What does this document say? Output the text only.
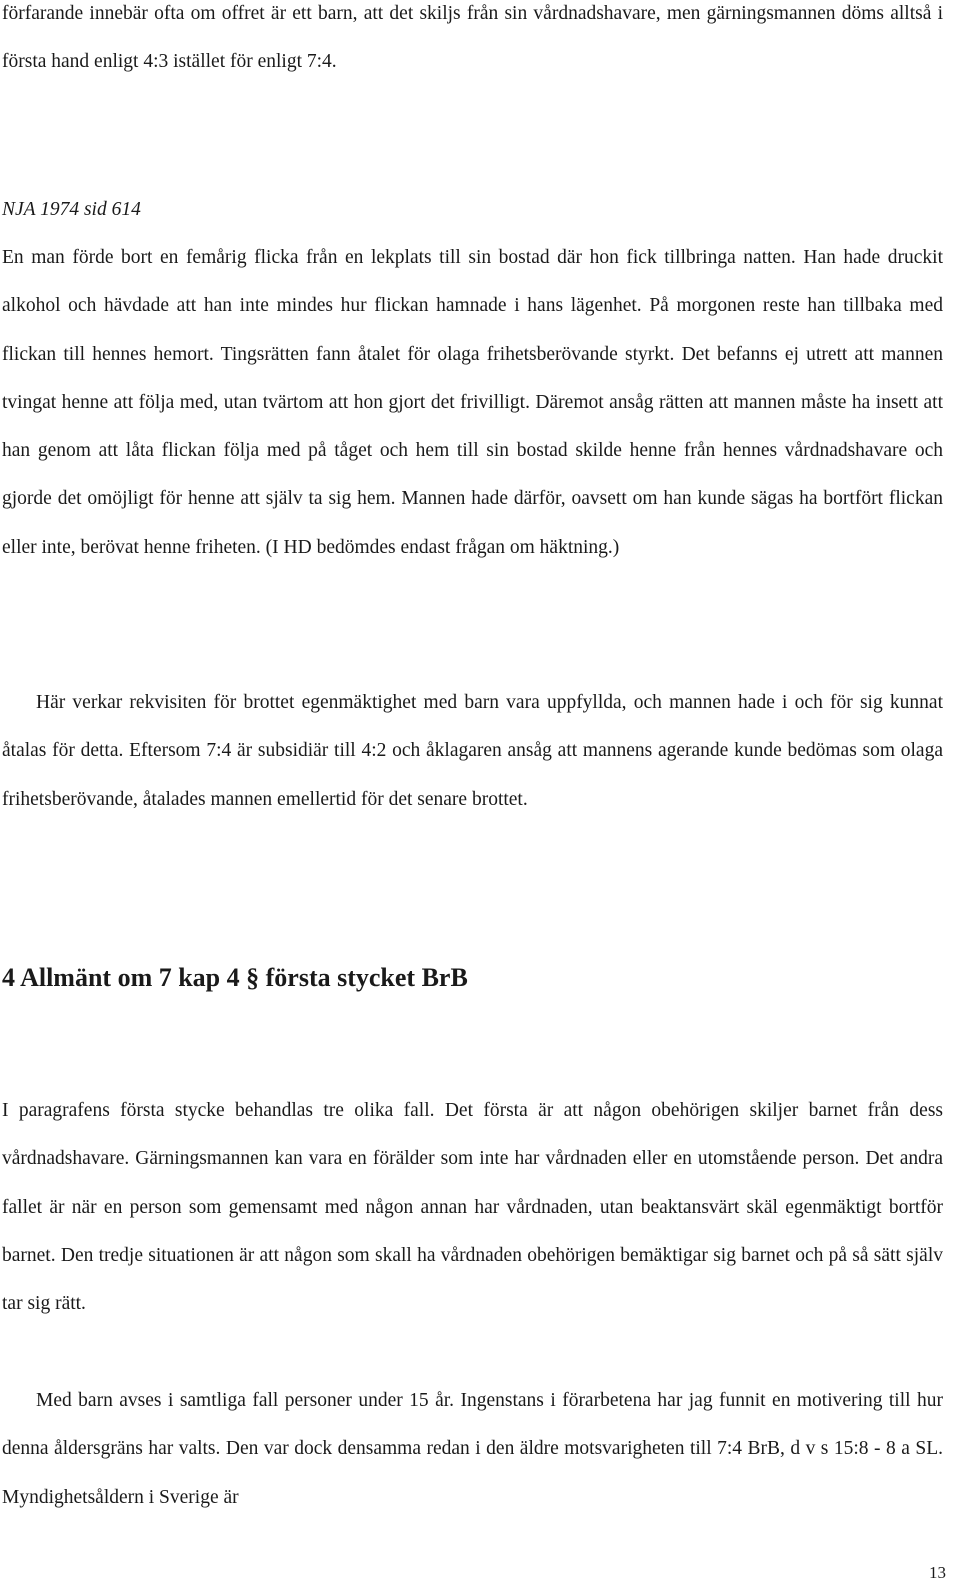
förfarande innebär ofta om offret är ett barn, att det skiljs från sin vårdnadshavare, men gärningsmannen döms alltså i första hand enligt 4:3 istället för enligt 7:4.

NJA 1974 sid 614

En man förde bort en femårig flicka från en lekplats till sin bostad där hon fick tillbringa natten. Han hade druckit alkohol och hävdade att han inte mindes hur flickan hamnade i hans lägenhet. På morgonen reste han tillbaka med flickan till hennes hemort. Tingsrätten fann åtalet för olaga frihetsberövande styrkt. Det befanns ej utrett att mannen tvingat henne att följa med, utan tvärtom att hon gjort det frivilligt. Däremot ansåg rätten att mannen måste ha insett att han genom att låta flickan följa med på tåget och hem till sin bostad skilde henne från hennes vårdnadshavare och gjorde det omöjligt för henne att själv ta sig hem. Mannen hade därför, oavsett om han kunde sägas ha bortfört flickan eller inte, berövat henne friheten. (I HD bedömdes endast frågan om häktning.)

Här verkar rekvisiten för brottet egenmäktighet med barn vara uppfyllda, och mannen hade i och för sig kunnat åtalas för detta. Eftersom 7:4 är subsidiär till 4:2 och åklagaren ansåg att mannens agerande kunde bedömas som olaga frihetsberövande, åtalades mannen emellertid för det senare brottet.

4 Allmänt om 7 kap 4 § första stycket BrB

I paragrafens första stycke behandlas tre olika fall. Det första är att någon obehörigen skiljer barnet från dess vårdnadshavare. Gärningsmannen kan vara en förälder som inte har vårdnaden eller en utomstående person. Det andra fallet är när en person som gemensamt med någon annan har vårdnaden, utan beaktansvärt skäl egenmäktigt bortför barnet. Den tredje situationen är att någon som skall ha vårdnaden obehörigen bemäktigar sig barnet och på så sätt själv tar sig rätt.

Med barn avses i samtliga fall personer under 15 år. Ingenstans i förarbetena har jag funnit en motivering till hur denna åldersgräns har valts. Den var dock densamma redan i den äldre motsvarigheten till 7:4 BrB, d v s 15:8 - 8 a SL. Myndighetsåldern i Sverige är

13
